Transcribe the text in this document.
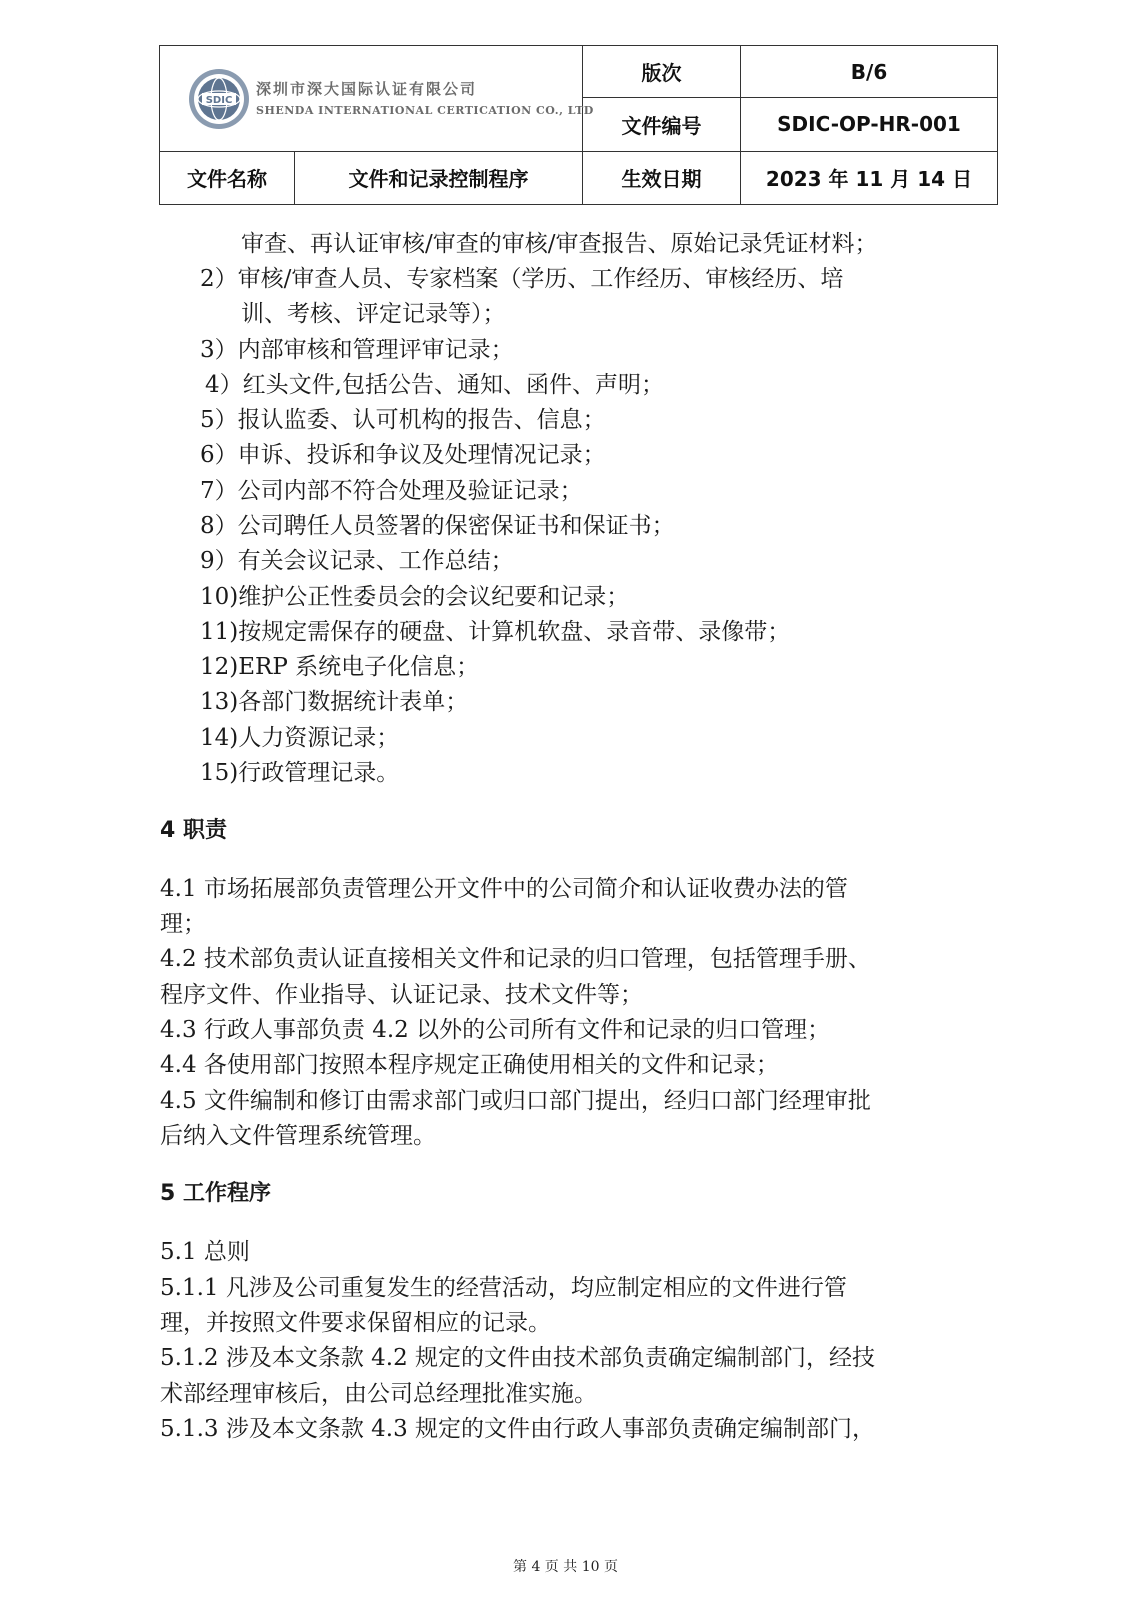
SDIC
深圳市深大国际认证有限公司
SHENDA INTERNATIONAL CERTICATION CO., LTD		版次	B/6
		文件编号	SDIC-OP-HR-001
文件名称	文件和记录控制程序	生效日期	2023 年 11 月 14 日
审查、再认证审核/审查的审核/审查报告、原始记录凭证材料；
2）审核/审查人员、专家档案（学历、工作经历、审核经历、培
训、考核、评定记录等）；
3）内部审核和管理评审记录；
4）红头文件,包括公告、通知、函件、声明；
5）报认监委、认可机构的报告、信息；
6）申诉、投诉和争议及处理情况记录；
7）公司内部不符合处理及验证记录；
8）公司聘任人员签署的保密保证书和保证书；
9）有关会议记录、工作总结；
10)维护公正性委员会的会议纪要和记录；
11)按规定需保存的硬盘、计算机软盘、录音带、录像带；
12)ERP 系统电子化信息；
13)各部门数据统计表单；
14)人力资源记录；
15)行政管理记录。
4 职责
4.1 市场拓展部负责管理公开文件中的公司简介和认证收费办法的管
理；
4.2 技术部负责认证直接相关文件和记录的归口管理，包括管理手册、
程序文件、作业指导、认证记录、技术文件等；
4.3 行政人事部负责 4.2 以外的公司所有文件和记录的归口管理；
4.4 各使用部门按照本程序规定正确使用相关的文件和记录；
4.5 文件编制和修订由需求部门或归口部门提出，经归口部门经理审批
后纳入文件管理系统管理。
5 工作程序
5.1 总则
5.1.1 凡涉及公司重复发生的经营活动，均应制定相应的文件进行管
理，并按照文件要求保留相应的记录。
5.1.2 涉及本文条款 4.2 规定的文件由技术部负责确定编制部门，经技
术部经理审核后，由公司总经理批准实施。
5.1.3 涉及本文条款 4.3 规定的文件由行政人事部负责确定编制部门，
第 4 页 共 10 页
